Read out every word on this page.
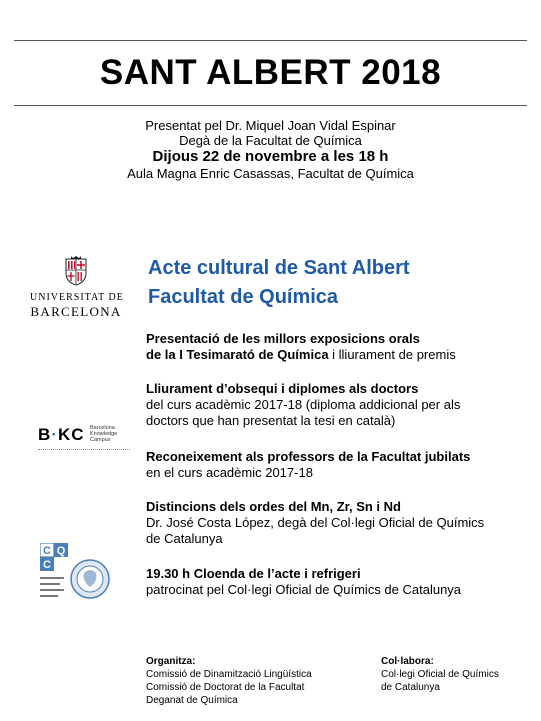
SANT ALBERT 2018
Presentat pel Dr. Miquel Joan Vidal Espinar
Degà de la Facultat de Química
Dijous 22 de novembre a les 18 h
Aula Magna Enric Casassas, Facultat de Química
UNIVERSITAT DE
BARCELONA
B·KC Barcelona
Knowledge
Campus
C Q
C
Acte cultural de Sant Albert
Facultat de Química
Presentació de les millors exposicions orals
de la I Tesimarató de Química i lliurament de premis
Lliurament d’obsequi i diplomes als doctors
del curs acadèmic 2017-18 (diploma addicional per als
doctors que han presentat la tesi en català)
Reconeixement als professors de la Facultat jubilats
en el curs acadèmic 2017-18
Distincions dels ordes del Mn, Zr, Sn i Nd
Dr. José Costa López, degà del Col·legi Oficial de Químics
de Catalunya
19.30 h Cloenda de l’acte i refrigeri
patrocinat pel Col·legi Oficial de Químics de Catalunya
Organitza:
Comissió de Dinamització Lingüística
Comissió de Doctorat de la Facultat
Deganat de Química
Col·labora:
Col·legi Oficial de Químics
de Catalunya
